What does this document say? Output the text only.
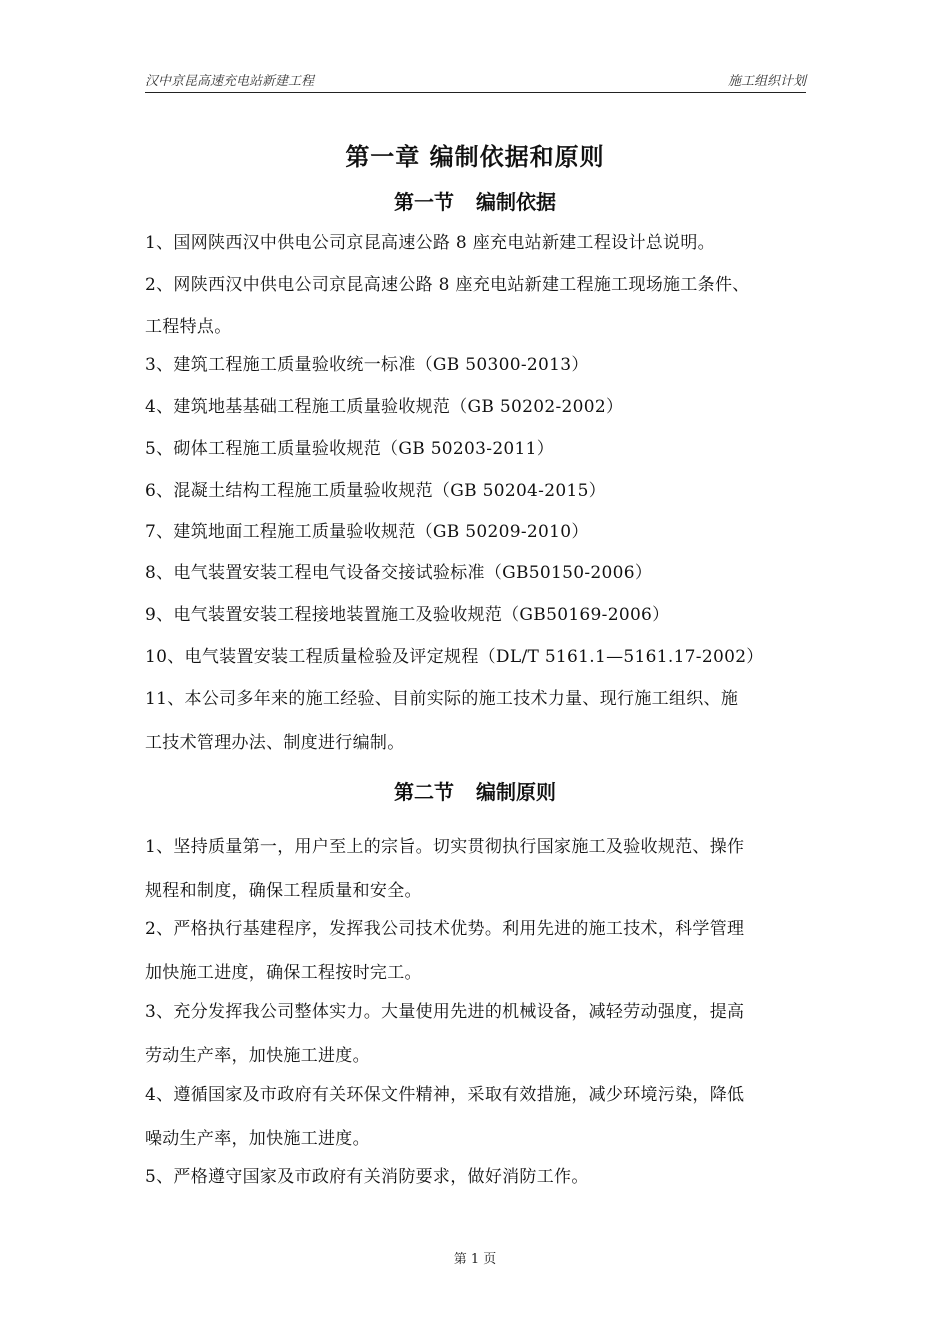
汉中京昆高速充电站新建工程	施工组织计划
第一章 编制依据和原则
第一节 编制依据
1、国网陕西汉中供电公司京昆高速公路 8 座充电站新建工程设计总说明。
2、网陕西汉中供电公司京昆高速公路 8 座充电站新建工程施工现场施工条件、
工程特点。
3、建筑工程施工质量验收统一标准（GB 50300-2013）
4、建筑地基基础工程施工质量验收规范（GB 50202-2002）
5、砌体工程施工质量验收规范（GB 50203-2011）
6、混凝土结构工程施工质量验收规范（GB 50204-2015）
7、建筑地面工程施工质量验收规范（GB 50209-2010）
8、电气装置安装工程电气设备交接试验标准（GB50150-2006）
9、电气装置安装工程接地装置施工及验收规范（GB50169-2006）
10、电气装置安装工程质量检验及评定规程（DL/T 5161.1—5161.17-2002）
11、本公司多年来的施工经验、目前实际的施工技术力量、现行施工组织、施
工技术管理办法、制度进行编制。
第二节 编制原则
1、坚持质量第一，用户至上的宗旨。切实贯彻执行国家施工及验收规范、操作
规程和制度，确保工程质量和安全。
2、严格执行基建程序，发挥我公司技术优势。利用先进的施工技术，科学管理
加快施工进度，确保工程按时完工。
3、充分发挥我公司整体实力。大量使用先进的机械设备，减轻劳动强度，提高
劳动生产率，加快施工进度。
4、遵循国家及市政府有关环保文件精神，采取有效措施，减少环境污染，降低
噪动生产率，加快施工进度。
5、严格遵守国家及市政府有关消防要求，做好消防工作。
第 1 页
